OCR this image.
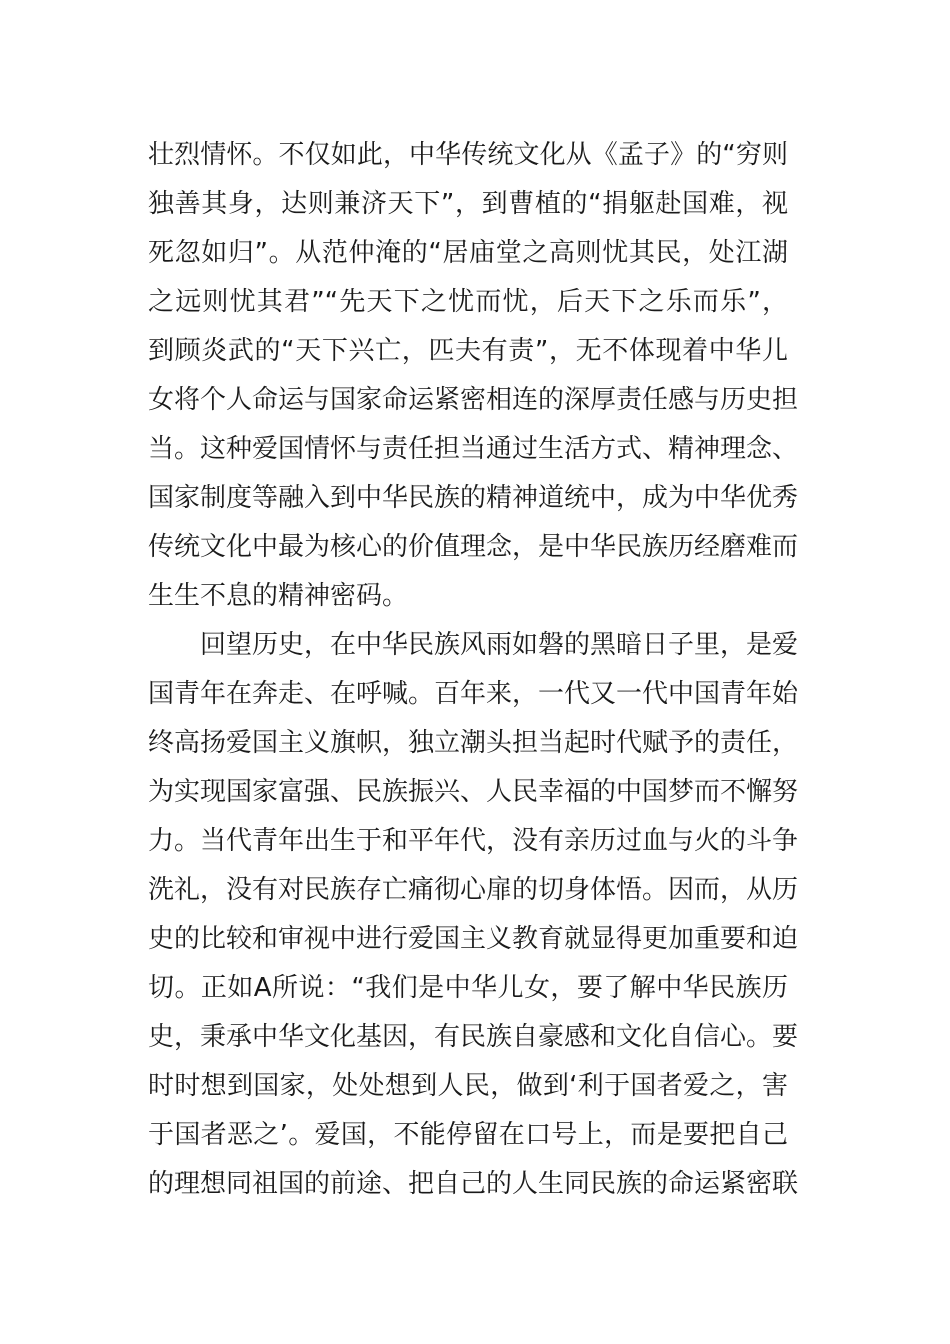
壮烈情怀。不仅如此，中华传统文化从《孟子》的“穷则
独善其身，达则兼济天下”，到曹植的“捐躯赴国难，视
死忽如归”。从范仲淹的“居庙堂之高则忧其民，处江湖
之远则忧其君”“先天下之忧而忧，后天下之乐而乐”，
到顾炎武的“天下兴亡，匹夫有责”，无不体现着中华儿
女将个人命运与国家命运紧密相连的深厚责任感与历史担
当。这种爱国情怀与责任担当通过生活方式、精神理念、
国家制度等融入到中华民族的精神道统中，成为中华优秀
传统文化中最为核心的价值理念，是中华民族历经磨难而
生生不息的精神密码。
回望历史，在中华民族风雨如磐的黑暗日子里，是爱
国青年在奔走、在呼喊。百年来，一代又一代中国青年始
终高扬爱国主义旗帜，独立潮头担当起时代赋予的责任，
为实现国家富强、民族振兴、人民幸福的中国梦而不懈努
力。当代青年出生于和平年代，没有亲历过血与火的斗争
洗礼，没有对民族存亡痛彻心扉的切身体悟。因而，从历
史的比较和审视中进行爱国主义教育就显得更加重要和迫
切。正如A所说：“我们是中华儿女，要了解中华民族历
史，秉承中华文化基因，有民族自豪感和文化自信心。要
时时想到国家，处处想到人民，做到‘利于国者爱之，害
于国者恶之’。爱国，不能停留在口号上，而是要把自己
的理想同祖国的前途、把自己的人生同民族的命运紧密联
